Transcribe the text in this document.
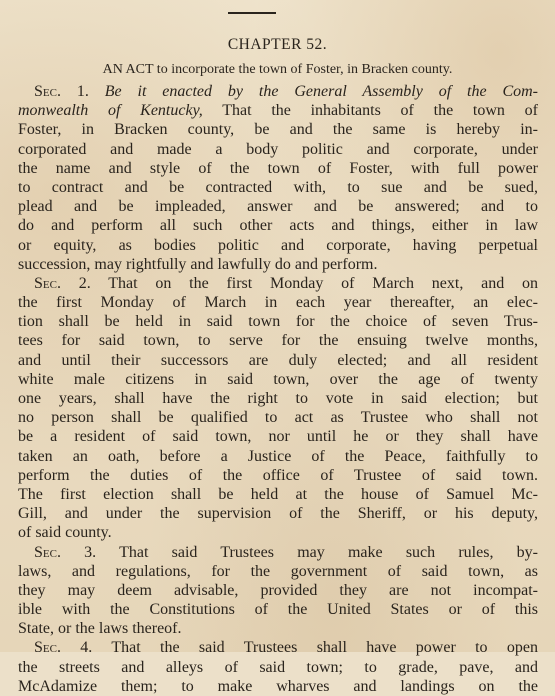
CHAPTER 52.
AN ACT to incorporate the town of Foster, in Bracken county.
Sec. 1. Be it enacted by the General Assembly of the Com-
monwealth of Kentucky, That the inhabitants of the town of
Foster, in Bracken county, be and the same is hereby in-
corporated and made a body politic and corporate, under
the name and style of the town of Foster, with full power
to contract and be contracted with, to sue and be sued,
plead and be impleaded, answer and be answered; and to
do and perform all such other acts and things, either in law
or equity, as bodies politic and corporate, having perpetual
succession, may rightfully and lawfully do and perform.
Sec. 2. That on the first Monday of March next, and on
the first Monday of March in each year thereafter, an elec-
tion shall be held in said town for the choice of seven Trus-
tees for said town, to serve for the ensuing twelve months,
and until their successors are duly elected; and all resident
white male citizens in said town, over the age of twenty
one years, shall have the right to vote in said election; but
no person shall be qualified to act as Trustee who shall not
be a resident of said town, nor until he or they shall have
taken an oath, before a Justice of the Peace, faithfully to
perform the duties of the office of Trustee of said town.
The first election shall be held at the house of Samuel Mc-
Gill, and under the supervision of the Sheriff, or his deputy,
of said county.
Sec. 3. That said Trustees may make such rules, by-
laws, and regulations, for the government of said town, as
they may deem advisable, provided they are not incompat-
ible with the Constitutions of the United States or of this
State, or the laws thereof.
Sec. 4. That the said Trustees shall have power to open
the streets and alleys of said town; to grade, pave, and
McAdamize them; to make wharves and landings on the
